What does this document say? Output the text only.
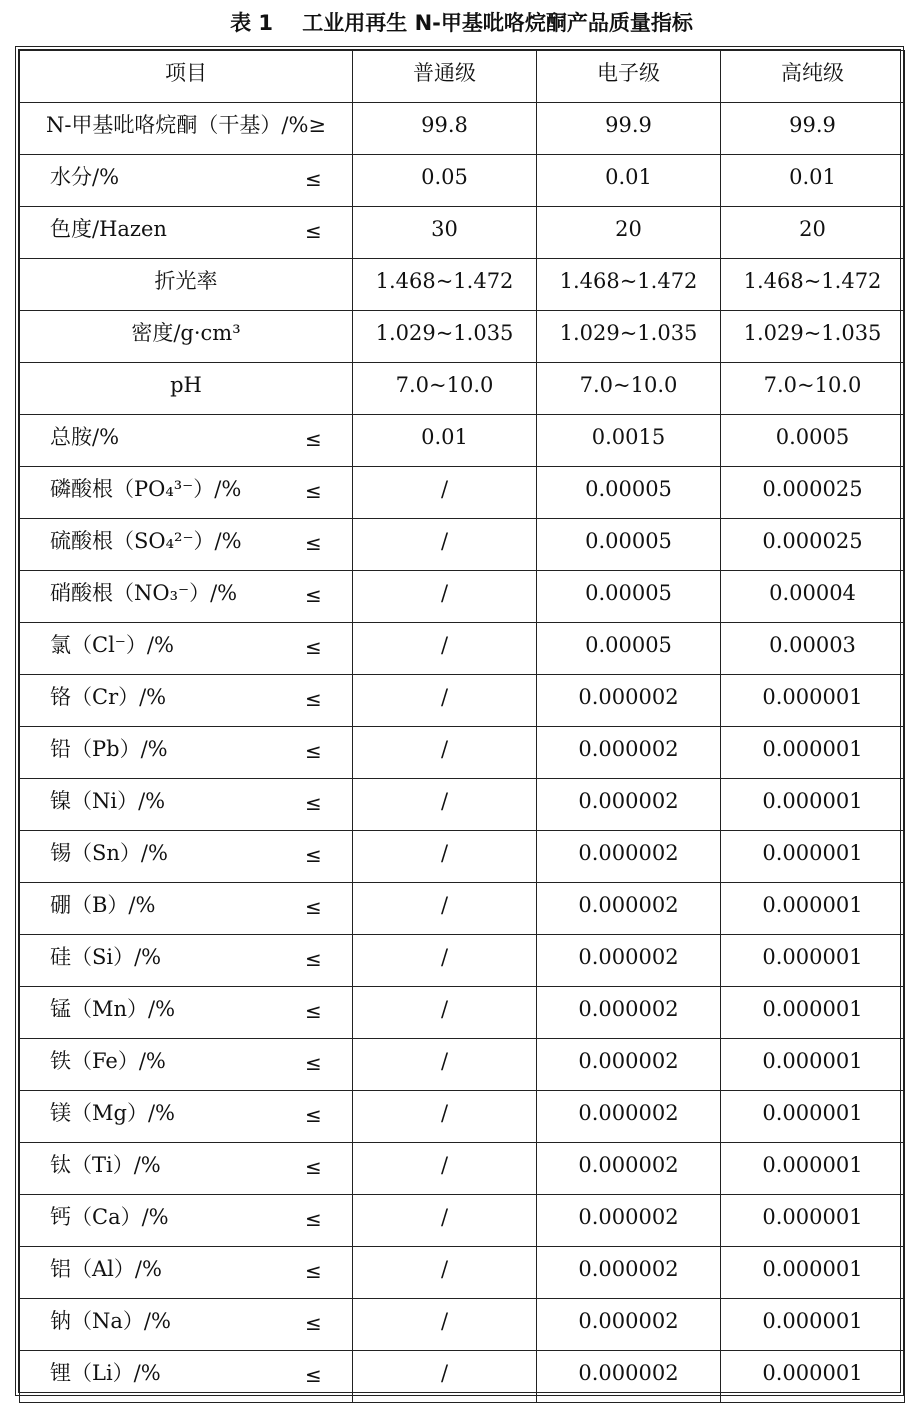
表 1    工业用再生 N-甲基吡咯烷酮产品质量指标
项目	普通级	电子级	高纯级

N-甲基吡咯烷酮（干基）/%≥	99.8	99.9	99.9

水分/% ≤	0.05	0.01	0.01

色度/Hazen ≤	30	20	20

折光率	1.468~1.472	1.468~1.472	1.468~1.472

密度/g·cm³	1.029~1.035	1.029~1.035	1.029~1.035

pH	7.0~10.0	7.0~10.0	7.0~10.0

总胺/% ≤	0.01	0.0015	0.0005

磷酸根（PO₄³⁻）/% ≤	/	0.00005	0.000025

硫酸根（SO₄²⁻）/% ≤	/	0.00005	0.000025

硝酸根（NO₃⁻）/% ≤	/	0.00005	0.00004

氯（Cl⁻）/% ≤	/	0.00005	0.00003

铬（Cr）/% ≤	/	0.000002	0.000001

铅（Pb）/% ≤	/	0.000002	0.000001

镍（Ni）/% ≤	/	0.000002	0.000001

锡（Sn）/% ≤	/	0.000002	0.000001

硼（B）/% ≤	/	0.000002	0.000001

硅（Si）/% ≤	/	0.000002	0.000001

锰（Mn）/% ≤	/	0.000002	0.000001

铁（Fe）/% ≤	/	0.000002	0.000001

镁（Mg）/% ≤	/	0.000002	0.000001

钛（Ti）/% ≤	/	0.000002	0.000001

钙（Ca）/% ≤	/	0.000002	0.000001

铝（Al）/% ≤	/	0.000002	0.000001

钠（Na）/% ≤	/	0.000002	0.000001

锂（Li）/% ≤	/	0.000002	0.000001
